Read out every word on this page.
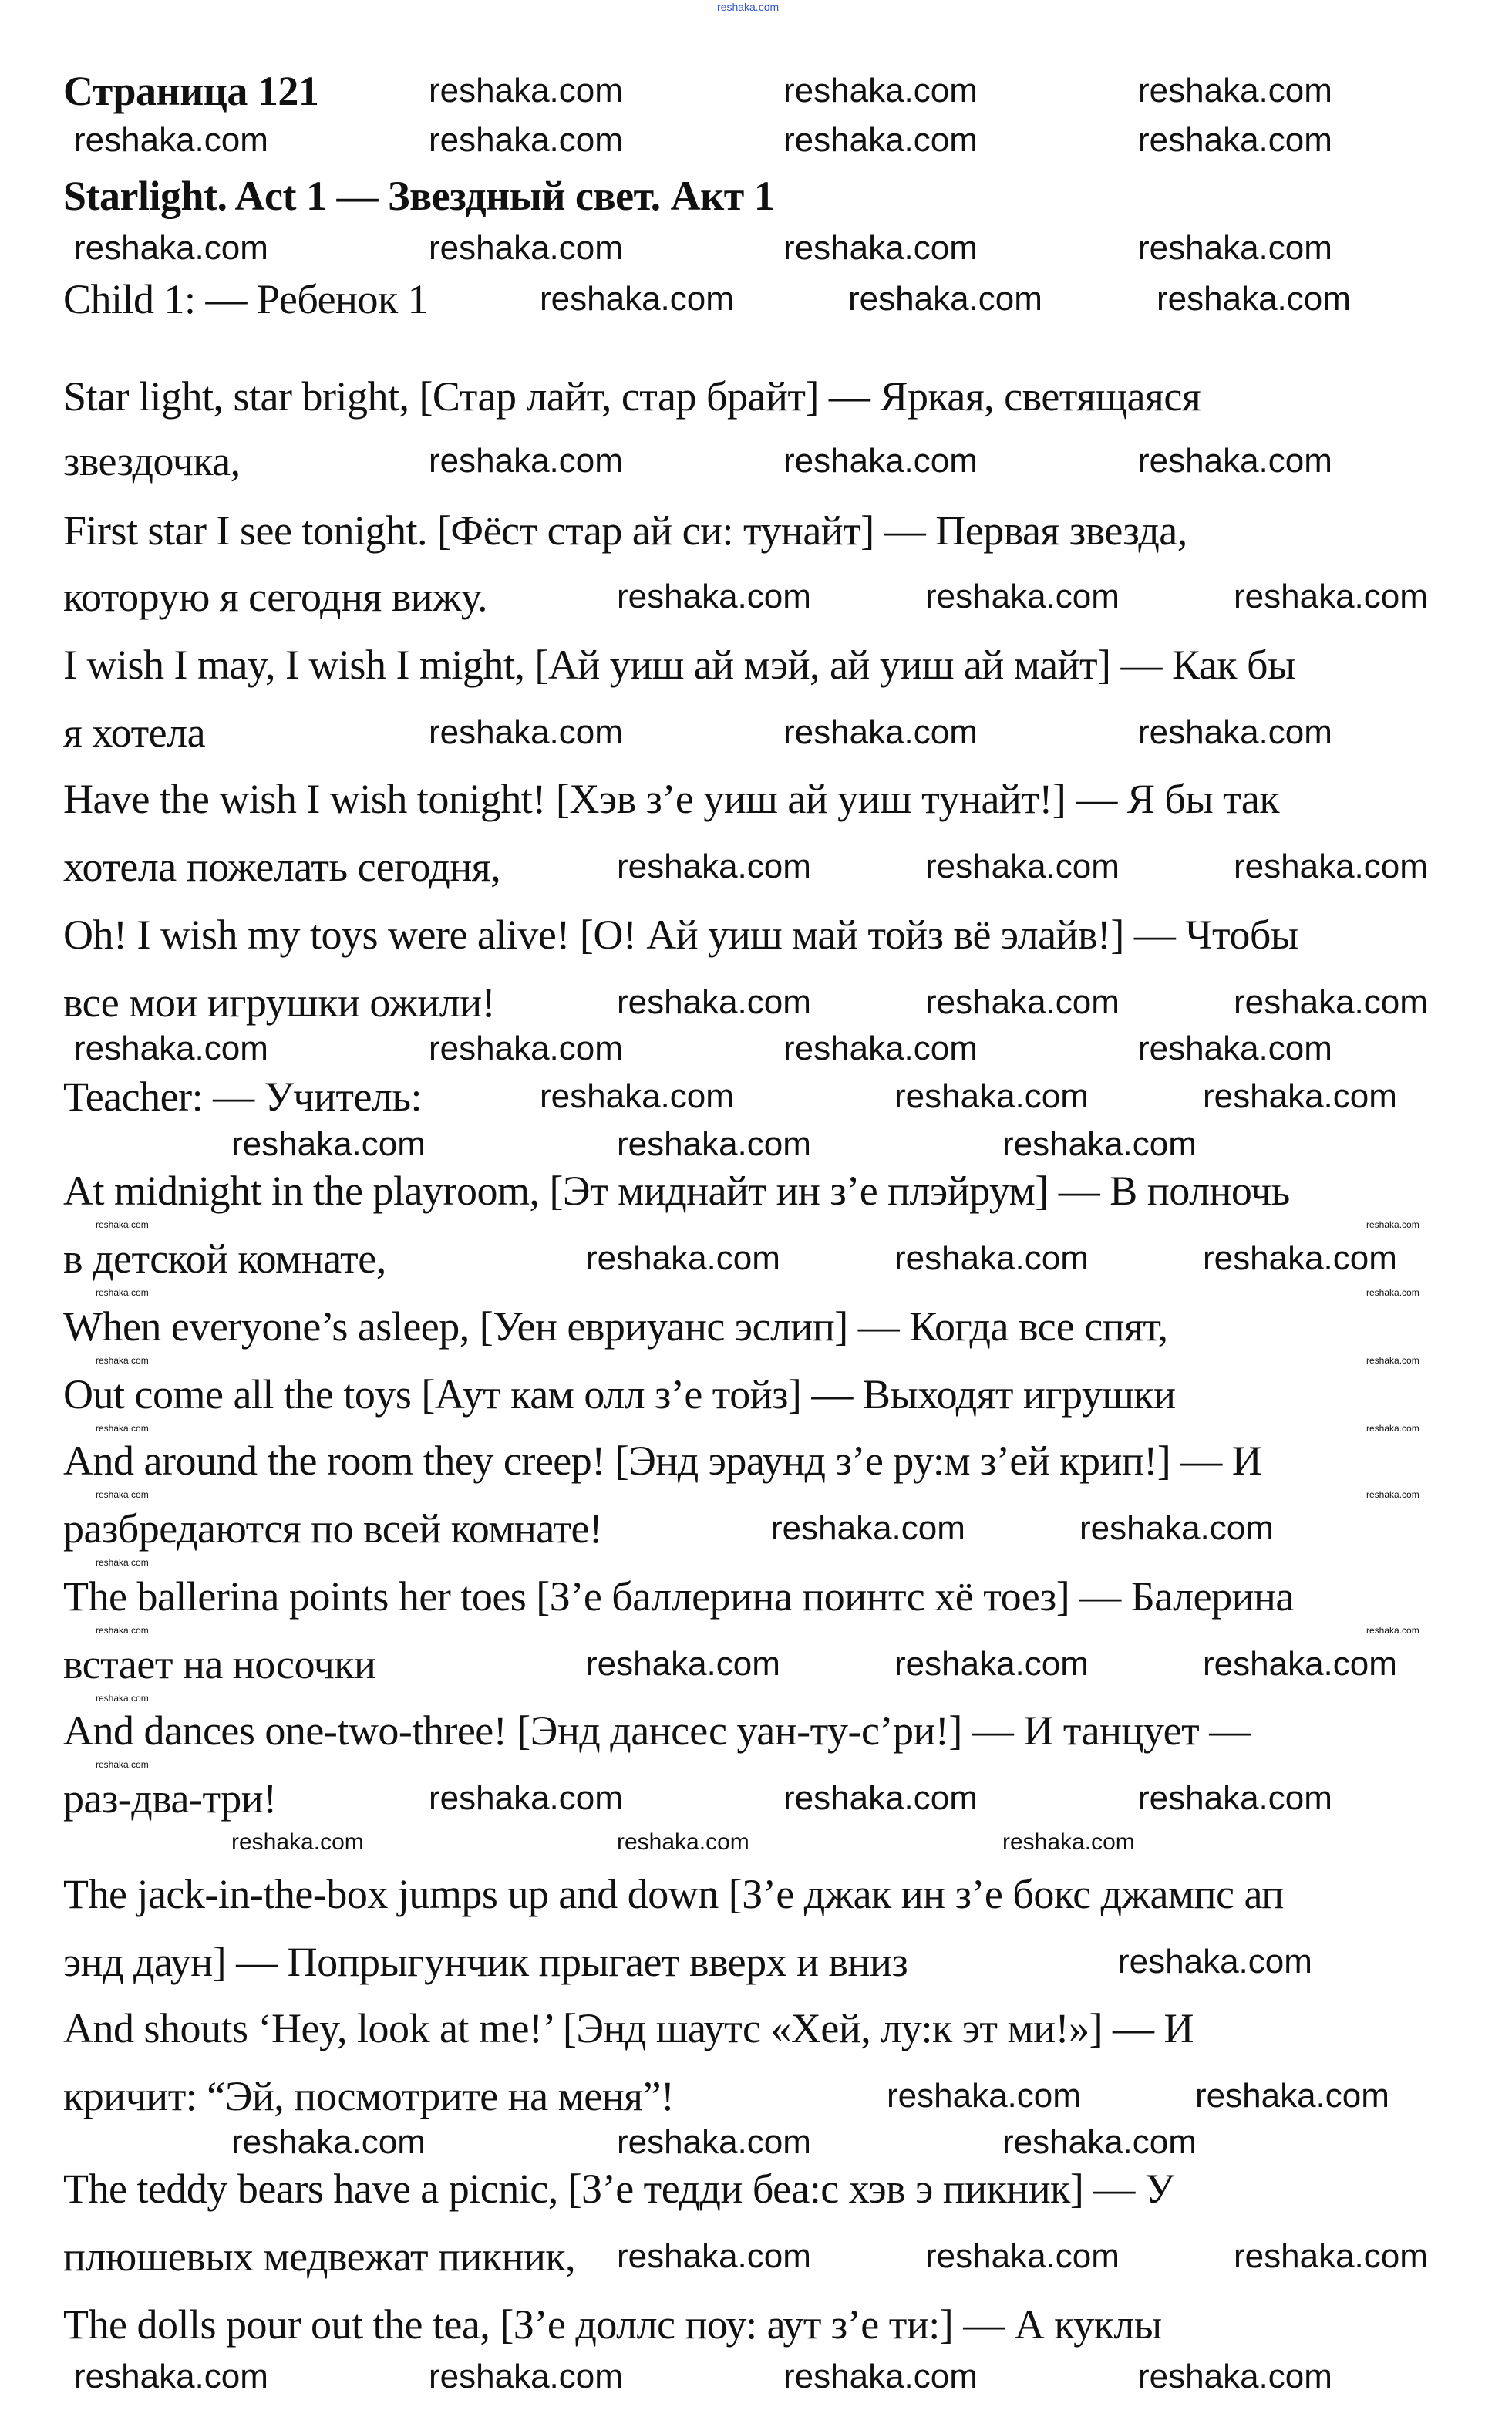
Страница 121
Starlight. Act 1 — Звездный свет. Акт 1
Child 1: — Ребенок 1
Star light, star bright, [Стар лайт, стар брайт] — Яркая, светящаяся
звездочка,
First star I see tonight. [Фёст стар ай си: тунайт] — Первая звезда,
которую я сегодня вижу.
I wish I may, I wish I might, [Ай уиш ай мэй, ай уиш ай майт] — Как бы
я хотела
Have the wish I wish tonight! [Хэв з’е уиш ай уиш тунайт!] — Я бы так
хотела пожелать сегодня,
Oh! I wish my toys were alive! [О! Ай уиш май тойз вё элайв!] — Чтобы
все мои игрушки ожили!
Teacher: — Учитель:
At midnight in the playroom, [Эт миднайт ин з’е плэйрум] — В полночь
в детской комнате,
When everyone’s asleep, [Уен евриуанс эслип] — Когда все спят,
Out come all the toys [Аут кам олл з’е тойз] — Выходят игрушки
And around the room they creep! [Энд эраунд з’е ру:м з’ей крип!] — И
разбредаются по всей комнате!
The ballerina points her toes [З’е баллерина поинтс хё тоез] — Балерина
встает на носочки
And dances one-two-three! [Энд дансес уан-ту-с’ри!] — И танцует —
раз-два-три!
The jack-in-the-box jumps up and down [З’е джак ин з’е бокс джампс ап
энд даун] — Попрыгунчик прыгает вверх и вниз
And shouts ‘Hey, look at me!’ [Энд шаутс «Хей, лу:к эт ми!»] — И
кричит: “Эй, посмотрите на меня”!
The teddy bears have a picnic, [З’е тедди беа:с хэв э пикник] — У
плюшевых медвежат пикник,
The dolls pour out the tea, [З’е доллс поу: аут з’е ти:] — А куклы
reshaka.com
reshaka.com	reshaka.com	reshaka.com
reshaka.com	reshaka.com	reshaka.com	reshaka.com
reshaka.com	reshaka.com	reshaka.com	reshaka.com
reshaka.com	reshaka.com	reshaka.com
reshaka.com	reshaka.com	reshaka.com
reshaka.com	reshaka.com	reshaka.com
reshaka.com	reshaka.com	reshaka.com
reshaka.com	reshaka.com	reshaka.com
reshaka.com	reshaka.com	reshaka.com
reshaka.com	reshaka.com	reshaka.com	reshaka.com
reshaka.com	reshaka.com	reshaka.com
reshaka.com	reshaka.com	reshaka.com
reshaka.com	reshaka.com	reshaka.com
reshaka.com	reshaka.com
reshaka.com	reshaka.com	reshaka.com
reshaka.com	reshaka.com	reshaka.com
reshaka.com	reshaka.com	reshaka.com
reshaka.com
reshaka.com	reshaka.com
reshaka.com	reshaka.com	reshaka.com
reshaka.com	reshaka.com	reshaka.com
reshaka.com	reshaka.com	reshaka.com	reshaka.com
reshaka.com
reshaka.com
reshaka.com
reshaka.com
reshaka.com
reshaka.com
reshaka.com
reshaka.com
reshaka.com
reshaka.com
reshaka.com
reshaka.com
reshaka.com
reshaka.com
reshaka.com
